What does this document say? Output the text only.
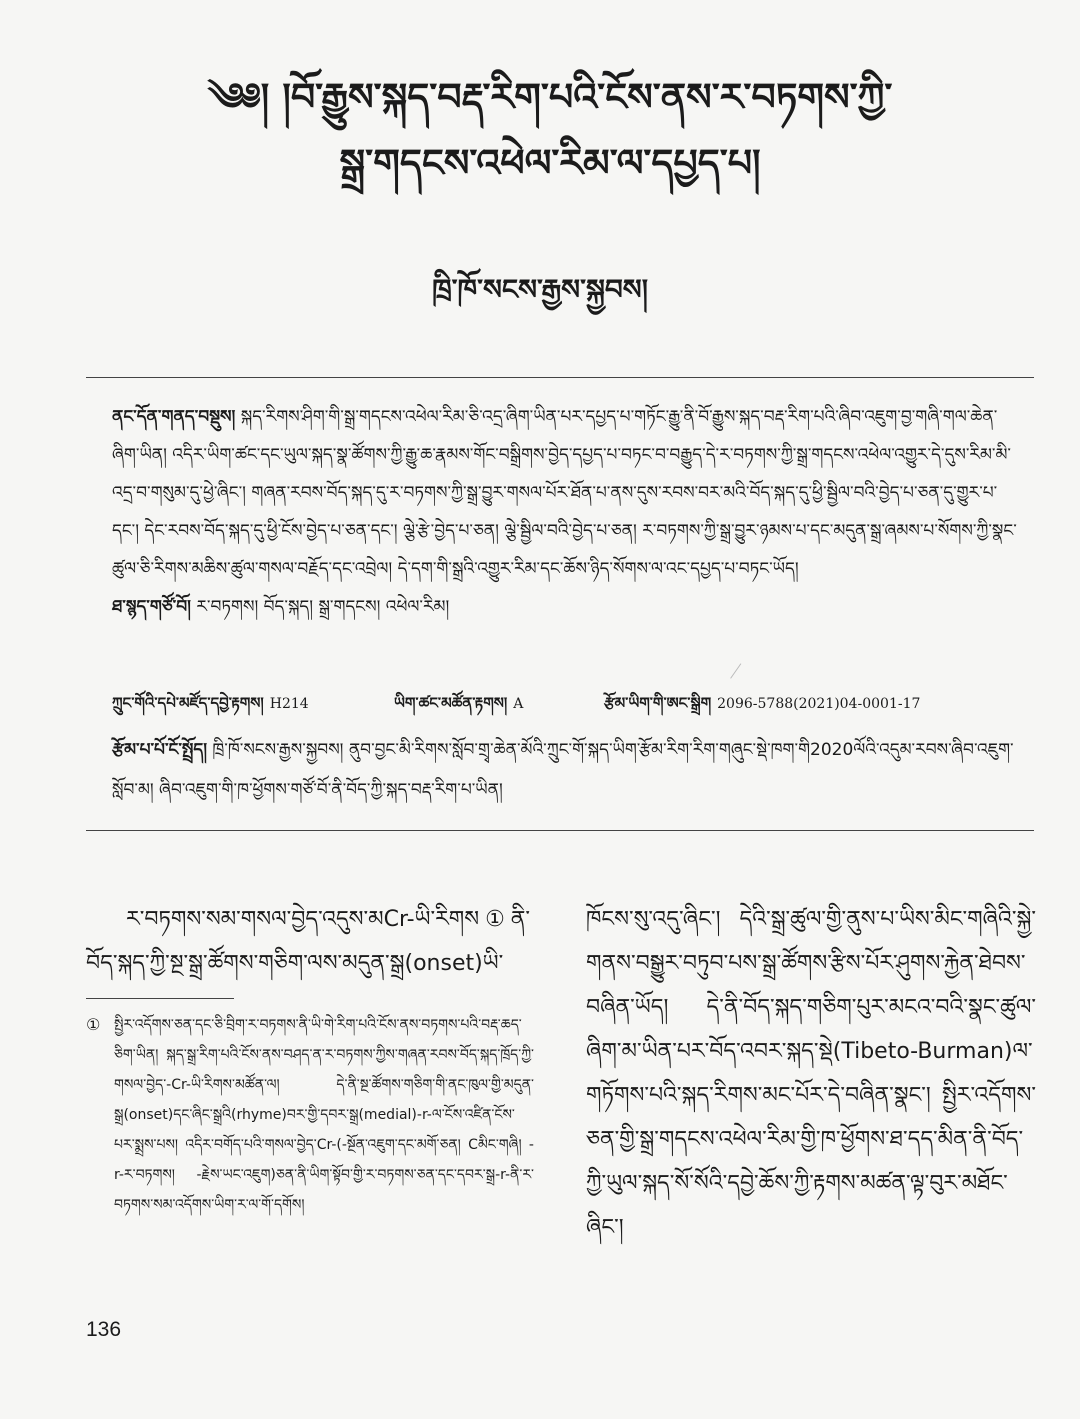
༄༅། །བོ་རྒྱུས་སྐད་བརྡ་རིག་པའི་ངོས་ནས་ར་བཏགས་ཀྱི་
སྒྲ་གདངས་འཕེལ་རིམ་ལ་དཔྱད་པ།
ཁྲི་ཁོ་སངས་རྒྱས་སྐྱབས།

ནང་དོན་གནད་བསྡུས། སྐད་རིགས་ཤིག་གི་སྒྲ་གདངས་འཕེལ་རིམ་ཅི་འདྲ་ཞིག་ཡིན་པར་དཔྱད་པ་གཏོང་རྒྱུ་ནི་བོ་རྒྱུས་སྐད་བརྡ་རིག་པའི་ཞིབ་འཇུག་བྱ་གཞི་གལ་ཆེན་ཞིག་ཡིན། འདིར་ཡིག་ཚང་དང་ཡུལ་སྐད་སྣ་ཚོགས་ཀྱི་རྒྱུ་ཆ་རྣམས་གོང་བསྒྲིགས་བྱེད་དཔྱད་པ་བཏང་བ་བརྒྱུད་དེ་ར་བཏགས་ཀྱི་སྒྲ་གདངས་འཕེལ་འགྱུར་དེ་དུས་རིམ་མི་འདྲ་བ་གསུམ་དུ་ཕྱེ་ཞིང་། གཞན་རབས་བོད་སྐད་དུ་ར་བཏགས་ཀྱི་སྒྲ་བྱུར་གསལ་པོར་ཐོན་པ་ནས་དུས་རབས་བར་མའི་བོད་སྐད་དུ་ཕྱི་སྦྱིལ་བའི་བྱེད་པ་ཅན་དུ་གྱུར་པ་དང་། དེང་རབས་བོད་སྐད་དུ་ཕྱི་ངོས་བྱེད་པ་ཅན་དང་། ལྕེ་རྩེ་བྱེད་པ་ཅན། ལྕེ་སྦྱིལ་བའི་བྱེད་པ་ཅན། ར་བཏགས་ཀྱི་སྒྲ་བྱུར་ཉམས་པ་དང་མདུན་སྒྲ་ཞམས་པ་སོགས་ཀྱི་སྣང་ཚུལ་ཅི་རིགས་མཆིས་ཚུལ་གསལ་བརྗོད་དང་འབྲེལ། དེ་དག་གི་སྒྲའི་འགྱུར་རིམ་དང་ཆོས་ཉིད་སོགས་ལ་འང་དཔྱད་པ་བཏང་ཡོད།

ཐ་སྙད་གཙོ་བོ། ར་བཏགས། བོད་སྐད། སྒྲ་གདངས། འཕེལ་རིམ།

ཀྲུང་གོའི་དཔེ་མཛོད་དབྱེ་རྟགས། H214	ཡིག་ཚང་མཚོན་རྟགས། A	རྩོམ་ཡིག་གི་ཨང་སྒྲིག 2096-5788(2021)04-0001-17

རྩོམ་པ་པོ་ངོ་སྤྲོད། ཁྲི་ཁོ་སངས་རྒྱས་སྐྱབས། ནུབ་བྱང་མི་རིགས་སློབ་གྲྭ་ཆེན་མོའི་ཀྲུང་གོ་སྐད་ཡིག་རྩོམ་རིག་རིག་གཞུང་སྡེ་ཁག་གི2020ལོའི་འདུམ་རབས་ཞིབ་འཇུག་སློབ་མ། ཞིབ་འཇུག་གི་ཁ་ཕྱོགས་གཙོ་བོ་ནི་བོད་ཀྱི་སྐད་བརྡ་རིག་པ་ཡིན།

ར་བཏགས་སམ་གསལ་བྱེད་འདུས་མCr-ཡི་རིགས①ནི་བོད་སྐད་ཀྱི་སྔ་སྒྲ་ཚོགས་གཅིག་ལས་མདུན་སྒྲ(onset)ཡི་

① སྤྱིར་འདོགས་ཅན་དང་ཅི་བྲིག་ར་བཏགས་ནི་ཡི་གེ་རིག་པའི་ངོས་ནས་བཏགས་པའི་བརྡ་ཆད་ཅིག་ཡིན། སྐད་སྒྲ་རིག་པའི་ངོས་ནས་བཤད་ན་ར་བཏགས་ཀྱིས་གཞན་རབས་བོད་སྐད་ཁྲོད་ཀྱི་གསལ་བྱེད་-Cr-ཡི་རིགས་མཚོན་ལ། དེ་ནི་སྔ་ཚོགས་གཅིག་གི་ནང་ཁུལ་གྱི་མདུན་སྒྲ(onset)དང་ཞིང་སྒྲའི(rhyme)བར་གྱི་དབར་སྒྲ(medial)-r-ལ་ངོས་འཛིན་ངོས་པར་སྨྲས་པས། འདིར་བགོད་པའི་གསལ་བྱེད་Cr-(-སྔོན་འཇུག་དང་མགོ་ཅན། Cམིང་གཞི། -r-ར་བཏགས། -རྗེས་ཡང་འཇུག)ཅན་ནི་ཡིག་སྟོབ་གྱི་ར་བཏགས་ཅན་དང་དབར་སྒྲ-r-ནི་ར་བཏགས་སམ་འདོགས་ཡིག་ར་ལ་གོ་དགོས།

ཁོངས་སུ་འདུ་ཞིང་། དེའི་སྒྲ་ཚུལ་གྱི་ནུས་པ་ཡིས་མིང་གཞིའི་སྐྱེ་གནས་བསྒྱུར་བཏུབ་པས་སྒྲ་ཚོགས་རྩིས་པོར་ཤུགས་རྐྱེན་ཐེབས་བཞིན་ཡོད། དེ་ནི་བོད་སྐད་གཅིག་པུར་མངའ་བའི་སྣང་ཚུལ་ཞིག་མ་ཡིན་པར་བོད་འབར་སྐད་སྡེ(Tibeto-Burman)ལ་གཏོགས་པའི་སྐད་རིགས་མང་པོར་དེ་བཞིན་སྣང་། སྤྱིར་འདོགས་ཅན་གྱི་སྒྲ་གདངས་འཕེལ་རིམ་གྱི་ཁ་ཕྱོགས་ཐ་དད་མིན་ནི་བོད་ཀྱི་ཡུལ་སྐད་སོ་སོའི་དབྱེ་ཆོས་ཀྱི་རྟགས་མཚན་ལྟ་བུར་མཐོང་ཞིང་།

136
